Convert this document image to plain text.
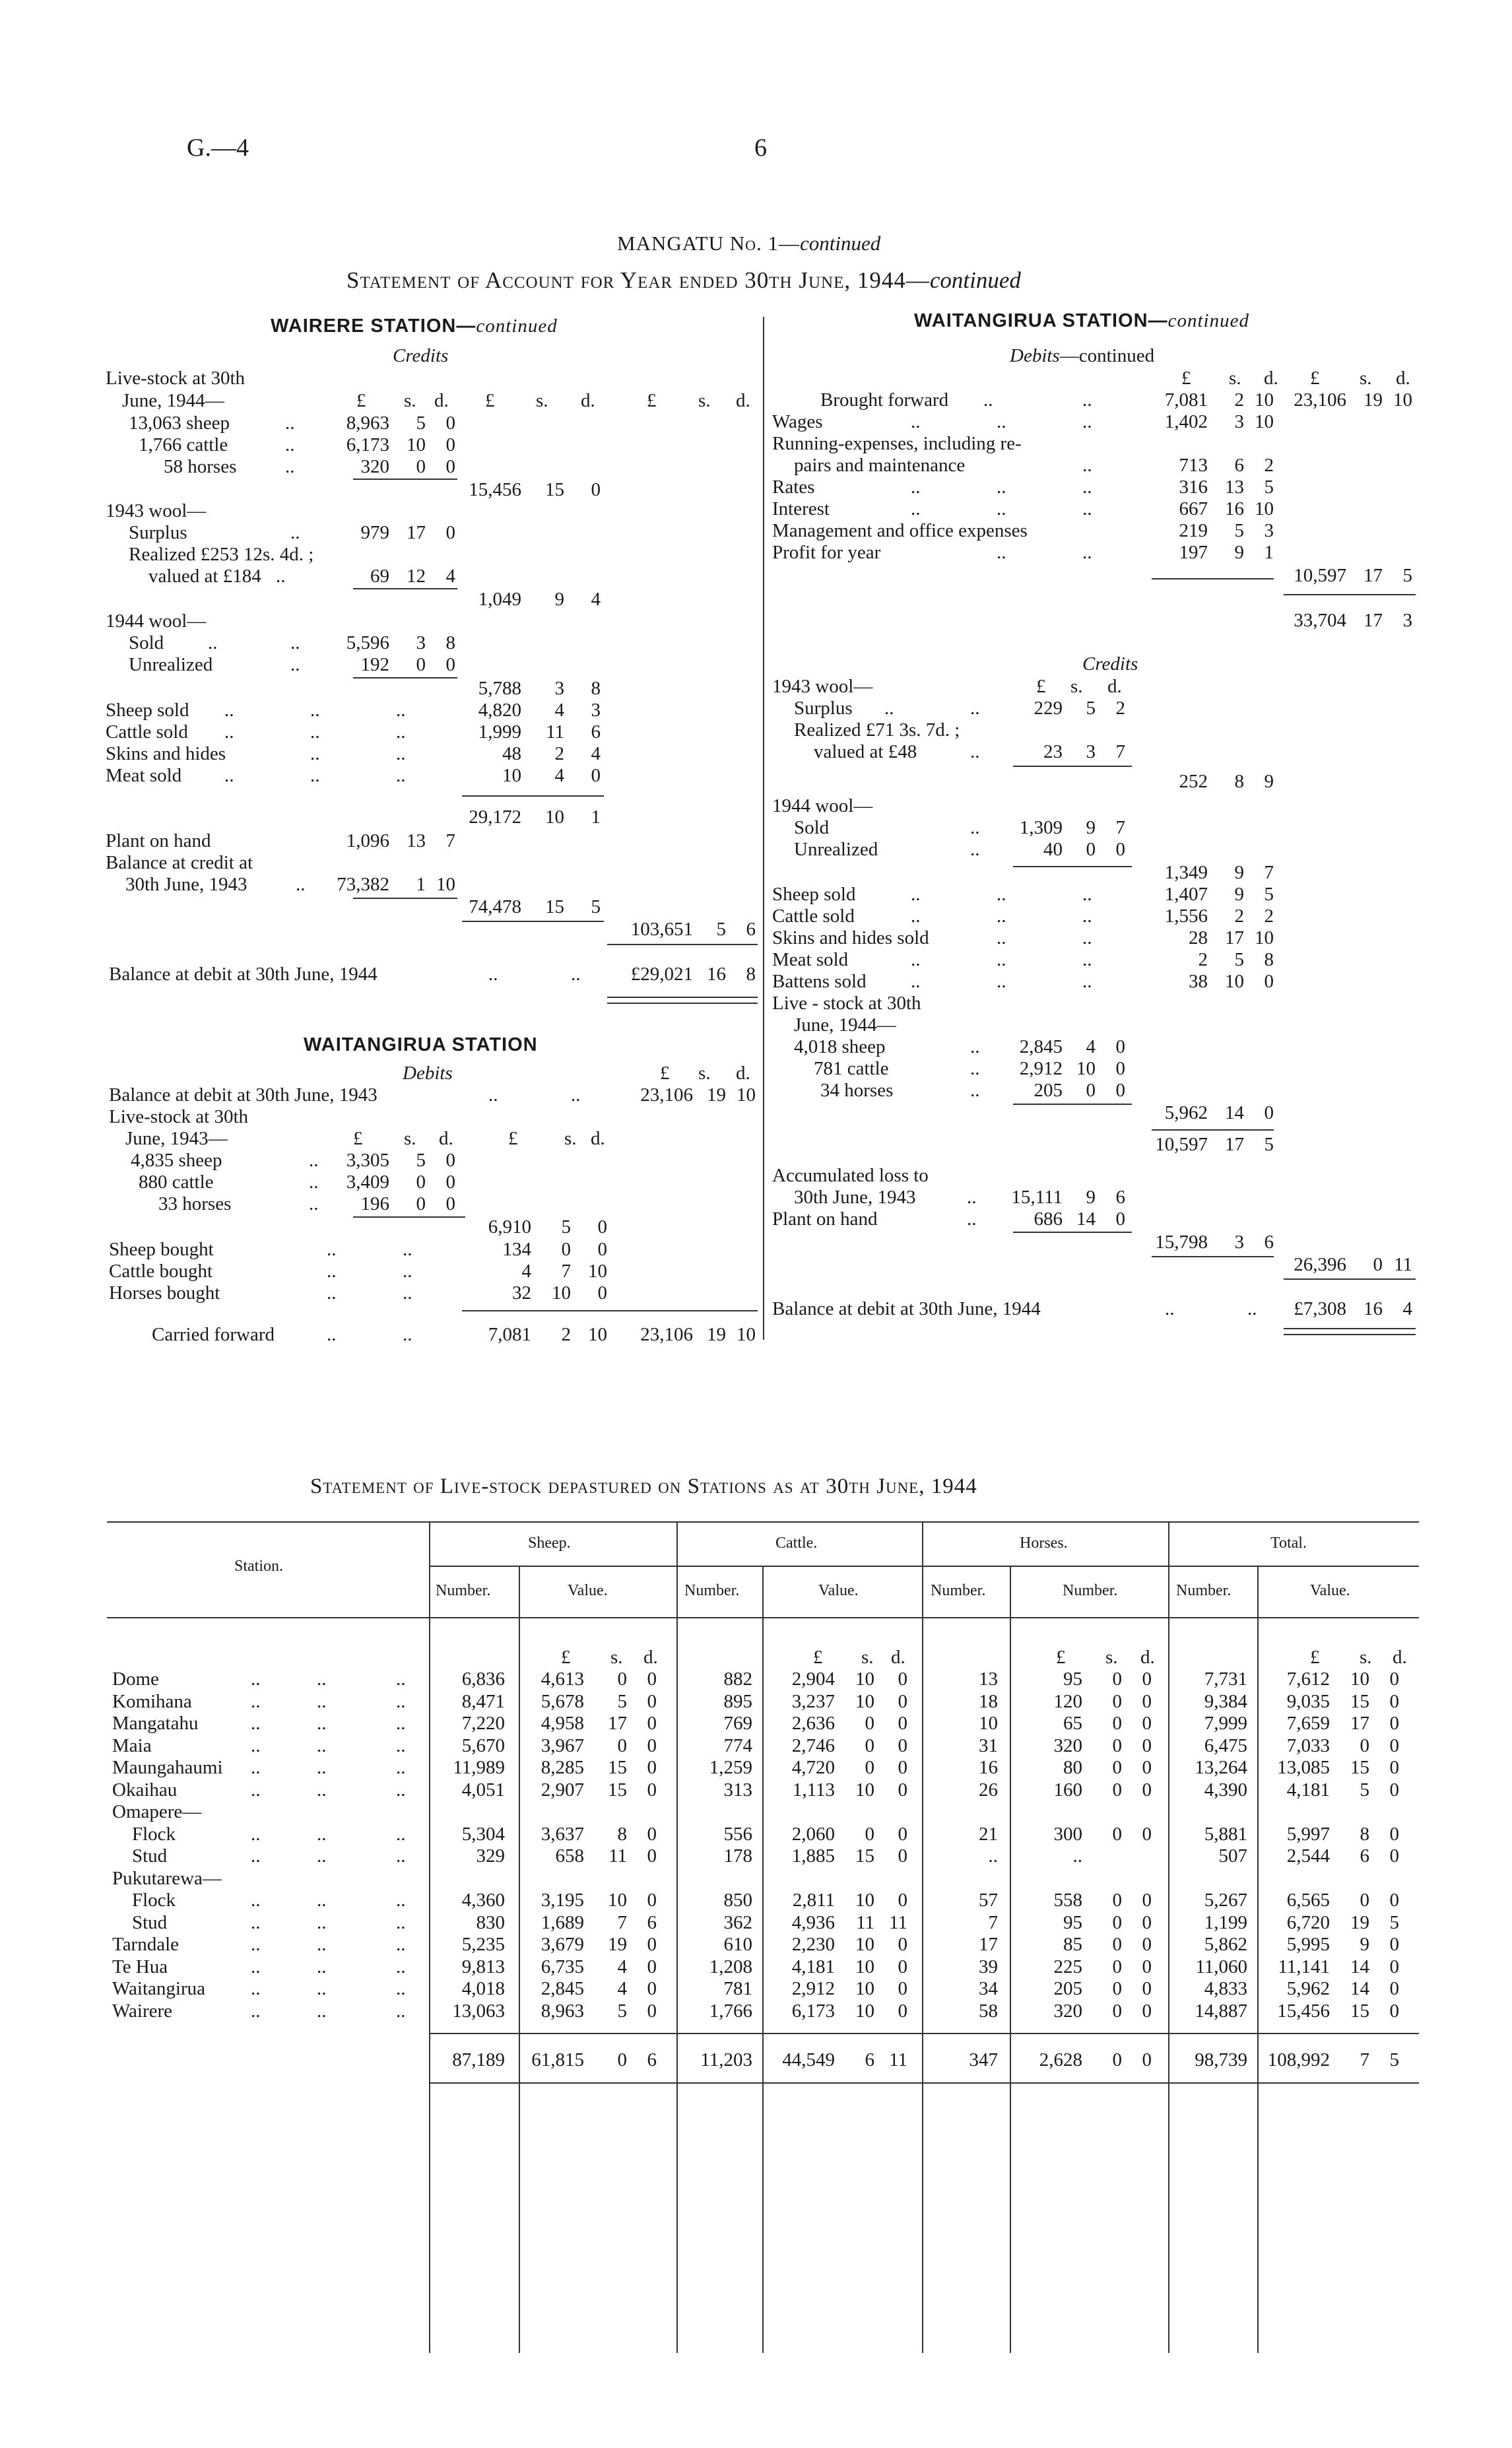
G.—4	6
MANGATU No. 1—continued
Statement of Account for Year ended 30th June, 1944—continued
WAIRERE STATION—continued
Credits
Live-stock at 30th
June, 1944—	£ s. d. £ s. d.	£ s. d.
13,063 sheep	..	8,963	5	0
1,766 cattle	..	6,173 10	0
58 horses	..	320	0	0
15,456	15	0
1943 wool—
Surplus	..	979 17	0
Realized £253 12s. 4d. ;
valued at £184 ..	69 12	4
1,049	9	4
1944 wool—
Sold ..	..	5,596	3	8
Unrealized	..	192	0	0
5,788	3	8
Sheep sold ..	..	..	4,820	4	3
Cattle sold ..	..	..	1,999	11	6
Skins and hides	..	..	48	2	4
Meat sold ..	..	..	10	4	0
29,172	10	1
Plant on hand	1,096 13	7
Balance at credit at
30th June, 1943	..	73,382	1 10
74,478	15	5
103,651	5	6
Balance at debit at 30th June, 1944	..	..	£29,021 16	8
WAITANGIRUA STATION
Debits	£ s. d.
Balance at debit at 30th June, 1943	..	..	23,106 19 10
Live-stock at 30th
June, 1943—	£ s. d.	£ s. d.
4,835 sheep	..	3,305	5	0
880 cattle	..	3,409	0	0
33 horses	..	196	0	0
6,910	5	0
Sheep bought	..	..	134	0	0
Cattle bought	..	..	4	7 10
Horses bought	..	..	32	10	0
Carried forward	..	..	7,081	2 10	23,106 19 10
WAITANGIRUA STATION—continued
Debits—continued
£ s. d. £ s. d.
Brought forward ..	..	7,081	2 10	23,106 19 10
Wages	..	..	..	1,402	3 10
Running-expenses, including re-
pairs and maintenance	..	713	6	2
Rates	..	..	..	316 13	5
Interest	..	..	..	667 16 10
Management and office expenses	219	5	3
Profit for year	..	..	197	9	1
10,597 17	5
33,704 17	3
Credits
1943 wool—	£ s. d.
Surplus ..	..	229	5	2
Realized £71 3s. 7d. ;
valued at £48	..	23	3	7
252	8	9
1944 wool—
Sold	..	1,309	9	7
Unrealized	..	40	0	0
1,349	9	7
Sheep sold	..	..	..	1,407	9	5
Cattle sold	..	..	..	1,556	2	2
Skins and hides sold	..	..	28 17 10
Meat sold	..	..	..	2	5	8
Battens sold ..	..	..	38 10	0
Live - stock at 30th
June, 1944—
4,018 sheep	..	2,845	4	0
781 cattle	..	2,912 10	0
34 horses	..	205	0	0
5,962 14	0
10,597 17	5
Accumulated loss to
30th June, 1943	..	15,111	9	6
Plant on hand	..	686 14	0
15,798	3	6
26,396	0 11
Balance at debit at 30th June, 1944	..	..	£7,308 16	4
Statement of Live-stock depastured on Stations as at 30th June, 1944
Station.
Sheep.	Cattle.	Horses.	Total.
Number.	Value.	Number.	Value.	Number.	Number.	Number.	Value.
£ s. d.	£ s. d.	£ s. d.	£ s. d.
Dome	..	..	..	6,836	4,613	0	0	882	2,904	10	0	13	95	0	0	7,731	7,612	10	0
Komihana	..	..	..	8,471	5,678	5	0	895	3,237	10	0	18	120	0	0	9,384	9,035	15	0
Mangatahu	..	..	..	7,220	4,958	17	0	769	2,636	0	0	10	65	0	0	7,999	7,659	17	0
Maia	..	..	..	5,670	3,967	0	0	774	2,746	0	0	31	320	0	0	6,475	7,033	0	0
Maungahaumi ..	..	..	11,989	8,285	15	0	1,259	4,720	0	0	16	80	0	0	13,264	13,085	15	0
Okaihau	..	..	..	4,051	2,907	15	0	313	1,113	10	0	26	160	0	0	4,390	4,181	5	0
Omapere—
Flock	..	..	..	5,304	3,637	8	0	556	2,060	0	0	21	300	0	0	5,881	5,997	8	0
Stud	..	..	..	329	658	11	0	178	1,885	15	0	..	..	507	2,544	6	0
Pukutarewa—
Flock	..	..	..	4,360	3,195	10	0	850	2,811	10	0	57	558	0	0	5,267	6,565	0	0
Stud	..	..	..	830	1,689	7	6	362	4,936	11 11	7	95	0	0	1,199	6,720	19	5
Tarndale	..	..	..	5,235	3,679	19	0	610	2,230	10	0	17	85	0	0	5,862	5,995	9	0
Te Hua	..	..	..	9,813	6,735	4	0	1,208	4,181	10	0	39	225	0	0	11,060	11,141	14	0
Waitangirua ..	..	..	4,018	2,845	4	0	781	2,912	10	0	34	205	0	0	4,833	5,962	14	0
Wairere	..	..	..	13,063	8,963	5	0	1,766	6,173	10	0	58	320	0	0	14,887	15,456	15	0
87,189	61,815	0	6	11,203	44,549	6 11	347	2,628	0	0	98,739	108,992	7	5
